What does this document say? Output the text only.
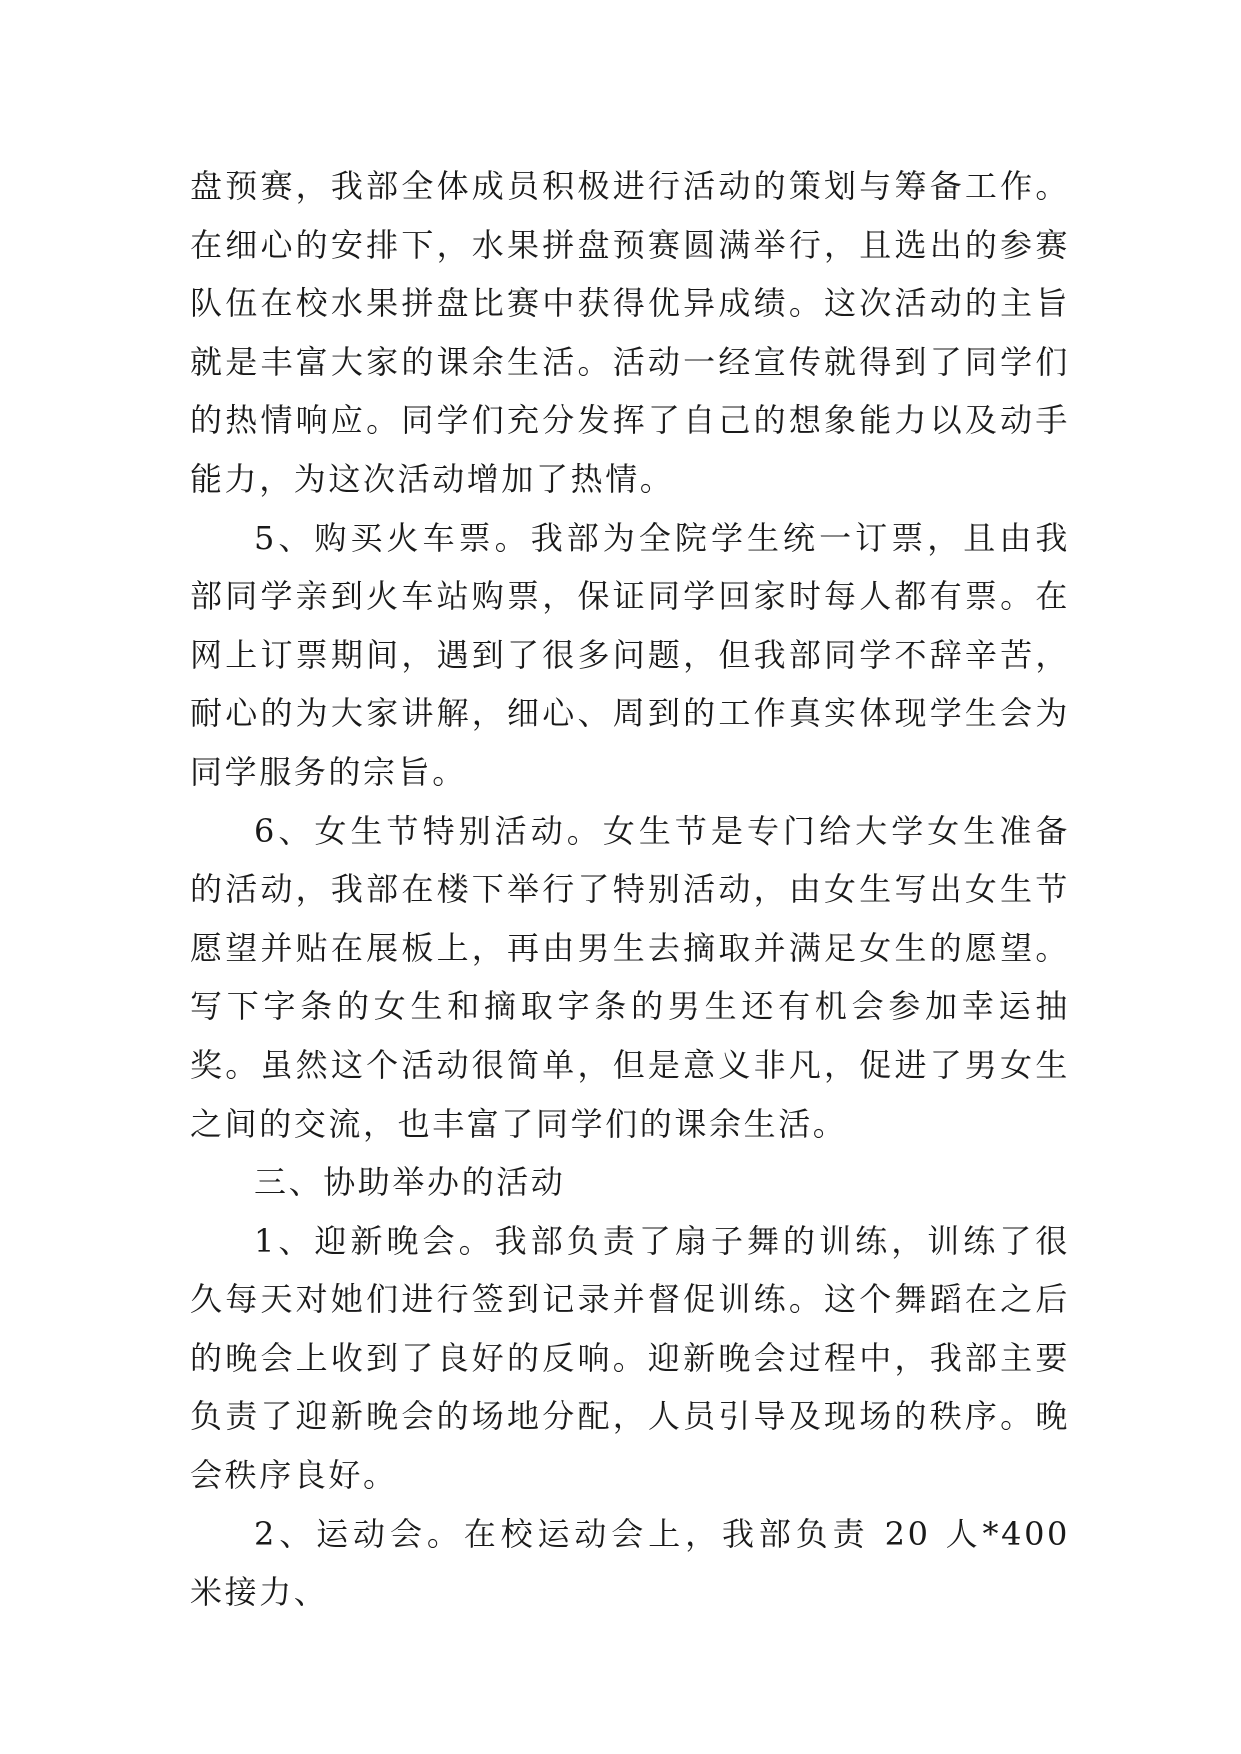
盘预赛，我部全体成员积极进行活动的策划与筹备工作。在细心的安排下，水果拼盘预赛圆满举行，且选出的参赛队伍在校水果拼盘比赛中获得优异成绩。这次活动的主旨就是丰富大家的课余生活。活动一经宣传就得到了同学们的热情响应。同学们充分发挥了自己的想象能力以及动手能力，为这次活动增加了热情。

5、购买火车票。我部为全院学生统一订票，且由我部同学亲到火车站购票，保证同学回家时每人都有票。在网上订票期间，遇到了很多问题，但我部同学不辞辛苦，耐心的为大家讲解，细心、周到的工作真实体现学生会为同学服务的宗旨。

6、女生节特别活动。女生节是专门给大学女生准备的活动，我部在楼下举行了特别活动，由女生写出女生节愿望并贴在展板上，再由男生去摘取并满足女生的愿望。写下字条的女生和摘取字条的男生还有机会参加幸运抽奖。虽然这个活动很简单，但是意义非凡，促进了男女生之间的交流，也丰富了同学们的课余生活。

三、协助举办的活动

1、迎新晚会。我部负责了扇子舞的训练，训练了很久每天对她们进行签到记录并督促训练。这个舞蹈在之后的晚会上收到了良好的反响。迎新晚会过程中，我部主要负责了迎新晚会的场地分配，人员引导及现场的秩序。晚会秩序良好。

2、运动会。在校运动会上，我部负责 20 人*400 米接力、
